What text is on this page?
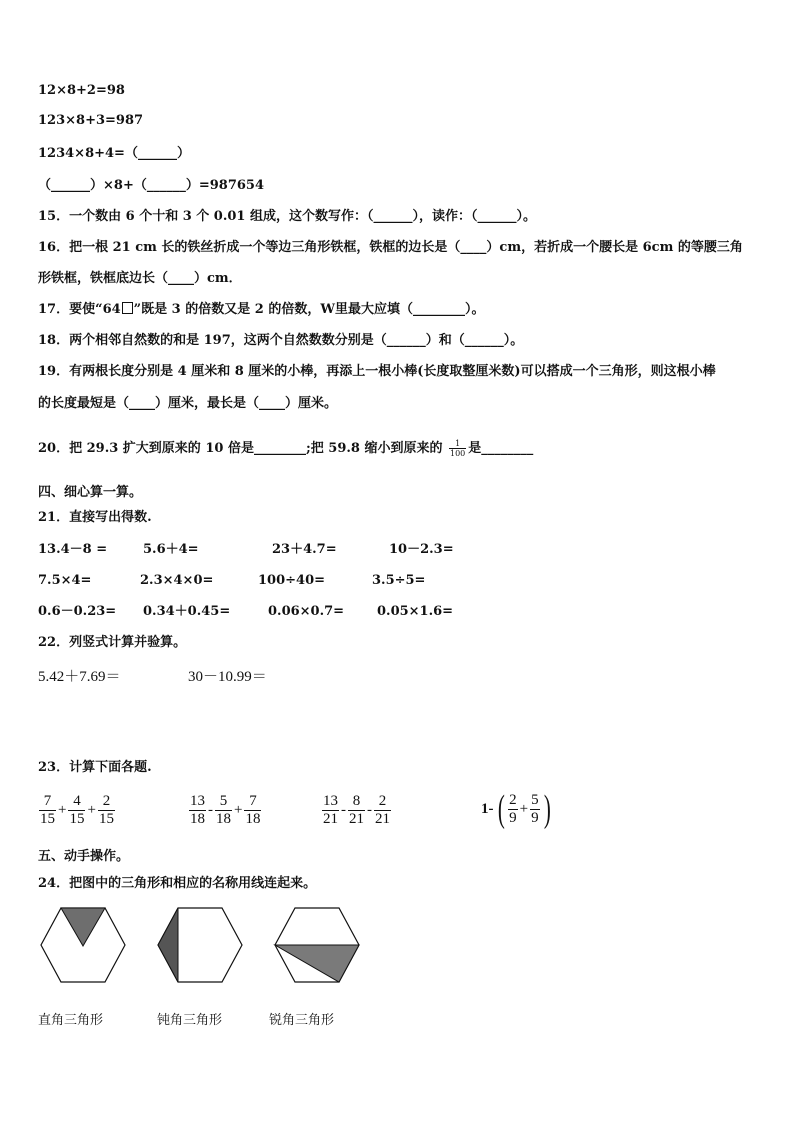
12×8+2=98
123×8+3=987
1234×8+4=（______）
（______）×8+（______）=987654
15．一个数由 6 个十和 3 个 0.01 组成，这个数写作：（______），读作：（______）。
16．把一根 21 cm 长的铁丝折成一个等边三角形铁框，铁框的边长是（____）cm，若折成一个腰长是 6cm 的等腰三角
形铁框，铁框底边长（____）cm．
17．要使“64 ”既是 3 的倍数又是 2 的倍数，W里最大应填（________）。
18．两个相邻自然数的和是 197，这两个自然数数分别是（______）和（______）。
19．有两根长度分别是 4 厘米和 8 厘米的小棒，再添上一根小棒(长度取整厘米数)可以搭成一个三角形，则这根小棒
的长度最短是（____）厘米，最长是（____）厘米。
20．把 29.3 扩大到原来的 10 倍是________;把 59.8 缩小到原来的 $\frac{1}{100}$ 是________
四、细心算一算。
21．直接写出得数.
13.4－8 =	5.6＋4=	23＋4.7=	10－2.3=
7.5×4=	2.3×4×0=	100÷40=	3.5÷5=
0.6－0.23= 0.34＋0.45=	0.06×0.7=	0.05×1.6=
22．列竖式计算并验算。
5.42＋7.69＝	30－10.99＝
23．计算下面各题.
$\frac{7}{15} + \frac{4}{15} + \frac{2}{15}$	$\frac{13}{18} - \frac{5}{18} + \frac{7}{18}$	$\frac{13}{21} - \frac{8}{21} - \frac{2}{21}$	1- ( $\frac{2}{9} + \frac{5}{9}$ )
五、动手操作。
24．把图中的三角形和相应的名称用线连起来。
直角三角形	钝角三角形	锐角三角形
